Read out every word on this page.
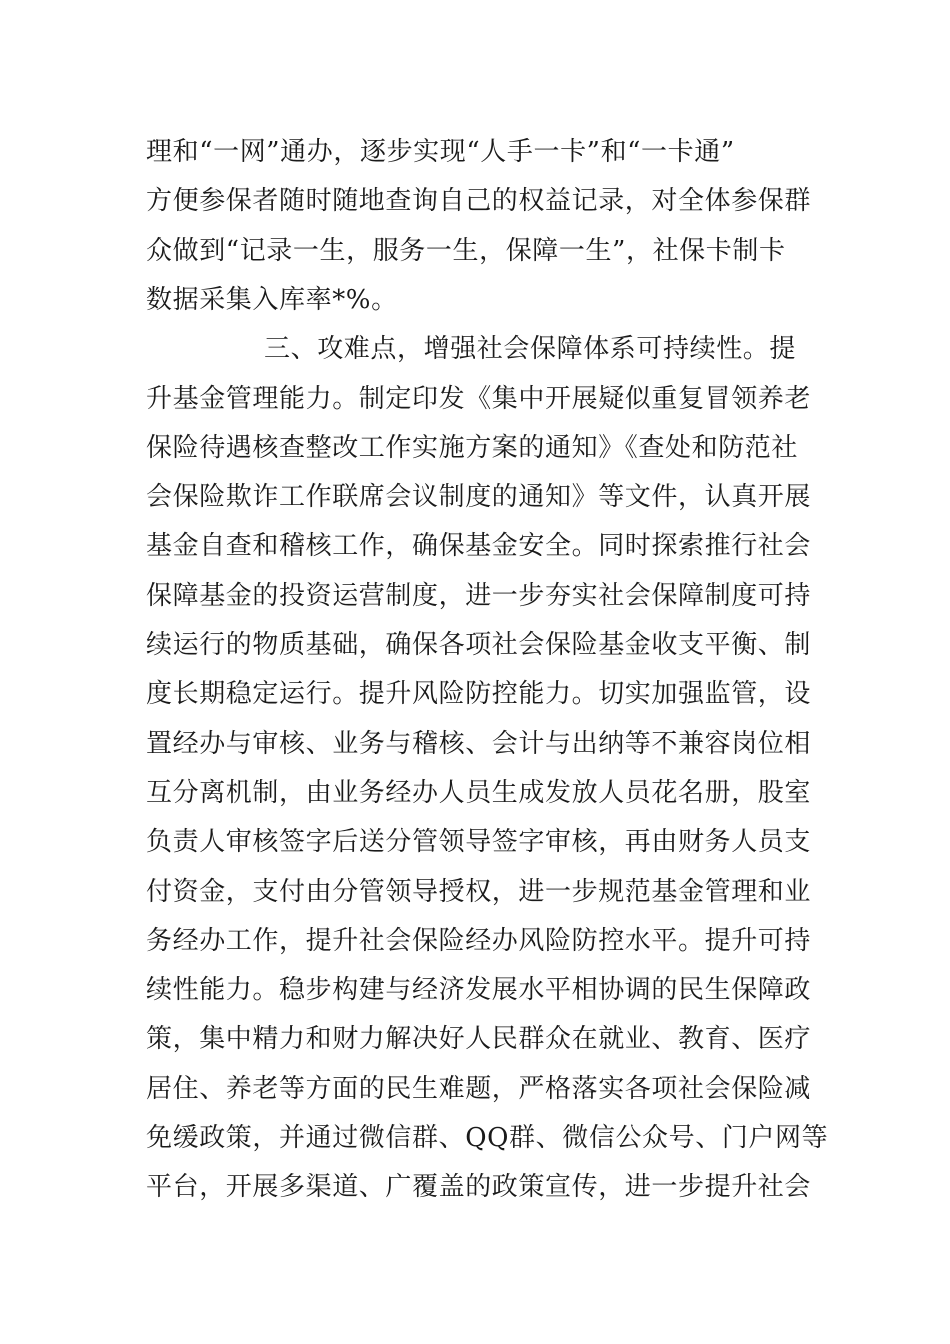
理和“一网”通办，逐步实现“人手一卡”和“一卡通”
方便参保者随时随地查询自己的权益记录，对全体参保群
众做到“记录一生，服务一生，保障一生”，社保卡制卡
数据采集入库率*%。
三、攻难点，增强社会保障体系可持续性。提
升基金管理能力。制定印发《集中开展疑似重复冒领养老
保险待遇核查整改工作实施方案的通知》《查处和防范社
会保险欺诈工作联席会议制度的通知》等文件，认真开展
基金自查和稽核工作，确保基金安全。同时探索推行社会
保障基金的投资运营制度，进一步夯实社会保障制度可持
续运行的物质基础，确保各项社会保险基金收支平衡、制
度长期稳定运行。提升风险防控能力。切实加强监管，设
置经办与审核、业务与稽核、会计与出纳等不兼容岗位相
互分离机制，由业务经办人员生成发放人员花名册，股室
负责人审核签字后送分管领导签字审核，再由财务人员支
付资金，支付由分管领导授权，进一步规范基金管理和业
务经办工作，提升社会保险经办风险防控水平。提升可持
续性能力。稳步构建与经济发展水平相协调的民生保障政
策，集中精力和财力解决好人民群众在就业、教育、医疗
居住、养老等方面的民生难题，严格落实各项社会保险减
免缓政策，并通过微信群、QQ群、微信公众号、门户网等
平台，开展多渠道、广覆盖的政策宣传，进一步提升社会
